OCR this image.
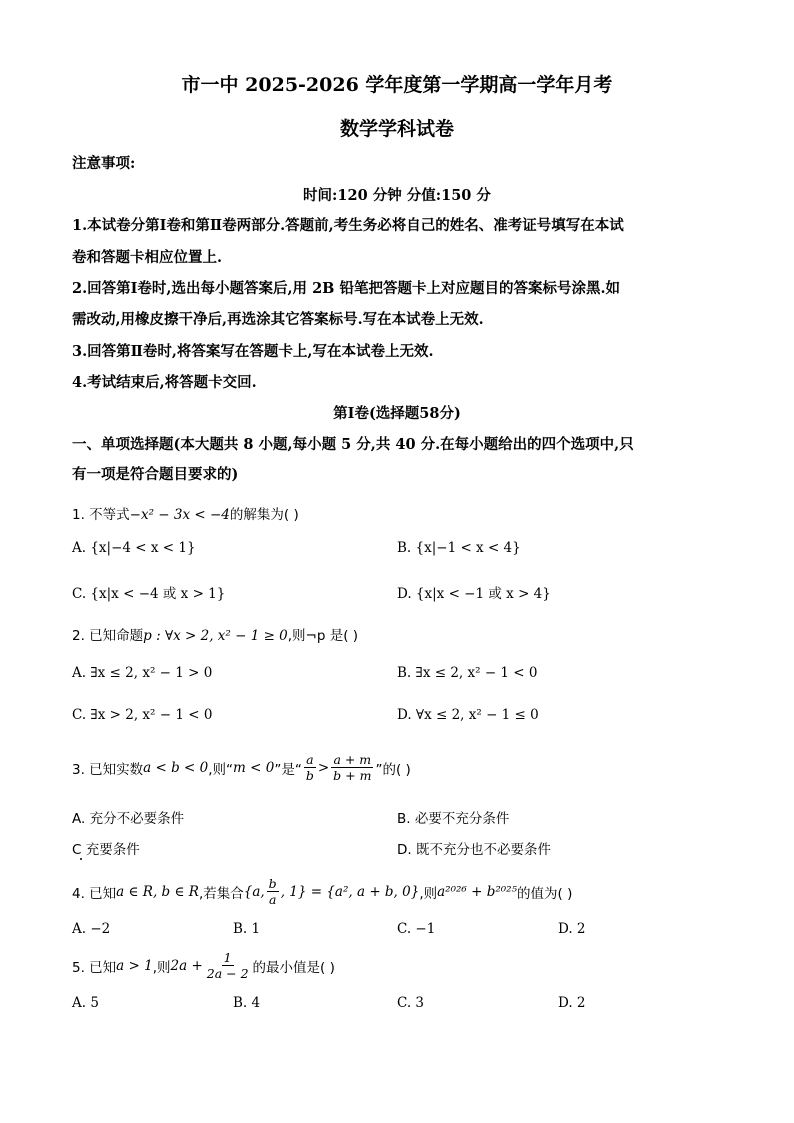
市一中 2025-2026 学年度第一学期高一学年月考
数学学科试卷
注意事项:
时间:120 分钟 分值:150 分
1.本试卷分第Ⅰ卷和第Ⅱ卷两部分.答题前,考生务必将自己的姓名、准考证号填写在本试
卷和答题卡相应位置上.
2.回答第Ⅰ卷时,选出每小题答案后,用 2B 铅笔把答题卡上对应题目的答案标号涂黑.如
需改动,用橡皮擦干净后,再选涂其它答案标号.写在本试卷上无效.
3.回答第Ⅱ卷时,将答案写在答题卡上,写在本试卷上无效.
4.考试结束后,将答题卡交回.
第Ⅰ卷(选择题58分)
一、单项选择题(本大题共 8 小题,每小题 5 分,共 40 分.在每小题给出的四个选项中,只
有一项是符合题目要求的)
1. 不等式−x² − 3x < −4的解集为( )
A. {x|−4 < x < 1}	B. {x|−1 < x < 4}
C. {x|x < −4 或 x > 1}	D. {x|x < −1 或 x > 4}
2. 已知命题p : ∀x > 2, x² − 1 ≥ 0,则¬p 是( )
A. ∃x ≤ 2, x² − 1 > 0	B. ∃x ≤ 2, x² − 1 < 0
C. ∃x > 2, x² − 1 < 0	D. ∀x ≤ 2, x² − 1 ≤ 0
3. 已知实数 a < b < 0 ,则“ m < 0 ”是“ $\frac{a}{b} > \frac{a + m}{b + m}$ ”的( )
A. 充分不必要条件	B. 必要不充分条件
C 充要条件	D. 既不充分也不必要条件
4. 已知 a ∈ R, b ∈ R ,若集合 {a, $\frac{b}{a}$ , 1} = {a², a + b, 0} ,则 a²⁰²⁶ + b²⁰²⁵ 的值为( )
A. −2	B. 1	C. −1	D. 2
5. 已知 a > 1 ,则 $2a + \frac{1}{2a - 2}$ 的最小值是( )
A. 5	B. 4	C. 3	D. 2
